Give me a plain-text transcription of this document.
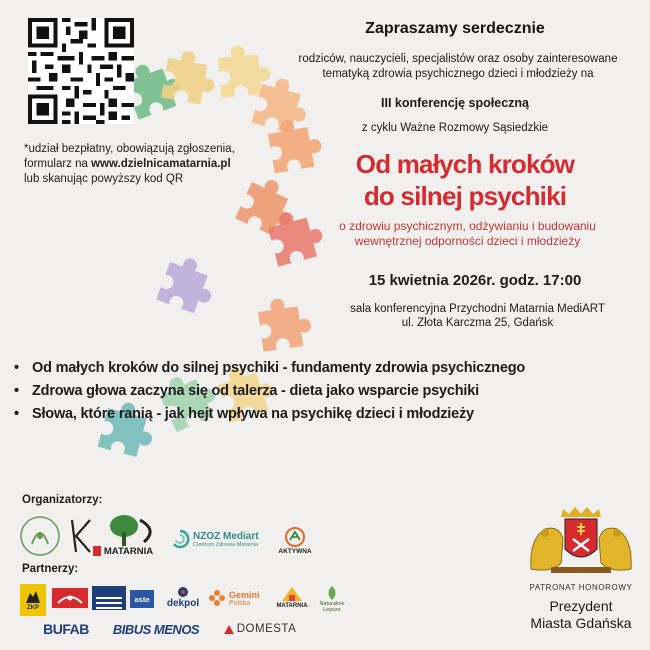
*udział bezpłatny, obowiązują zgłoszenia,
formularz na www.dzielnicamatarnia.pl
lub skanując powyższy kod QR
Zapraszamy serdecznie
rodziców, nauczycieli, specjalistów oraz osoby zainteresowane
tematyką zdrowia psychicznego dzieci i młodzieży na
III konferencję społeczną
z cyklu Ważne Rozmowy Sąsiedzkie
Od małych kroków
do silnej psychiki
o zdrowiu psychicznym, odżywianiu i budowaniu
wewnętrznej odporności dzieci i młodzieży
15 kwietnia 2026r. godz. 17:00
sala konferencyjna Przychodni Matarnia MediART
ul. Złota Karczma 25, Gdańsk
• Od małych kroków do silnej psychiki - fundamenty zdrowia psychicznego
• Zdrowa głowa zaczyna się od talerza - dieta jako wsparcie psychiki
• Słowa, które ranią - jak hejt wpływa na psychikę dzieci i młodzieży
Organizatorzy:
MATARNIA
NZOZ Mediart
Centrum Zdrowia Matarnia
AKTYWNA
Partnerzy:
ZKP
aste dekpol
Gemini
Polska	MATARNIA Naturalnie
Lepsze
BUFAB BIBUS MENOS	DOMESTA
PATRONAT HONOROWY
Prezydent
Miasta Gdańska
